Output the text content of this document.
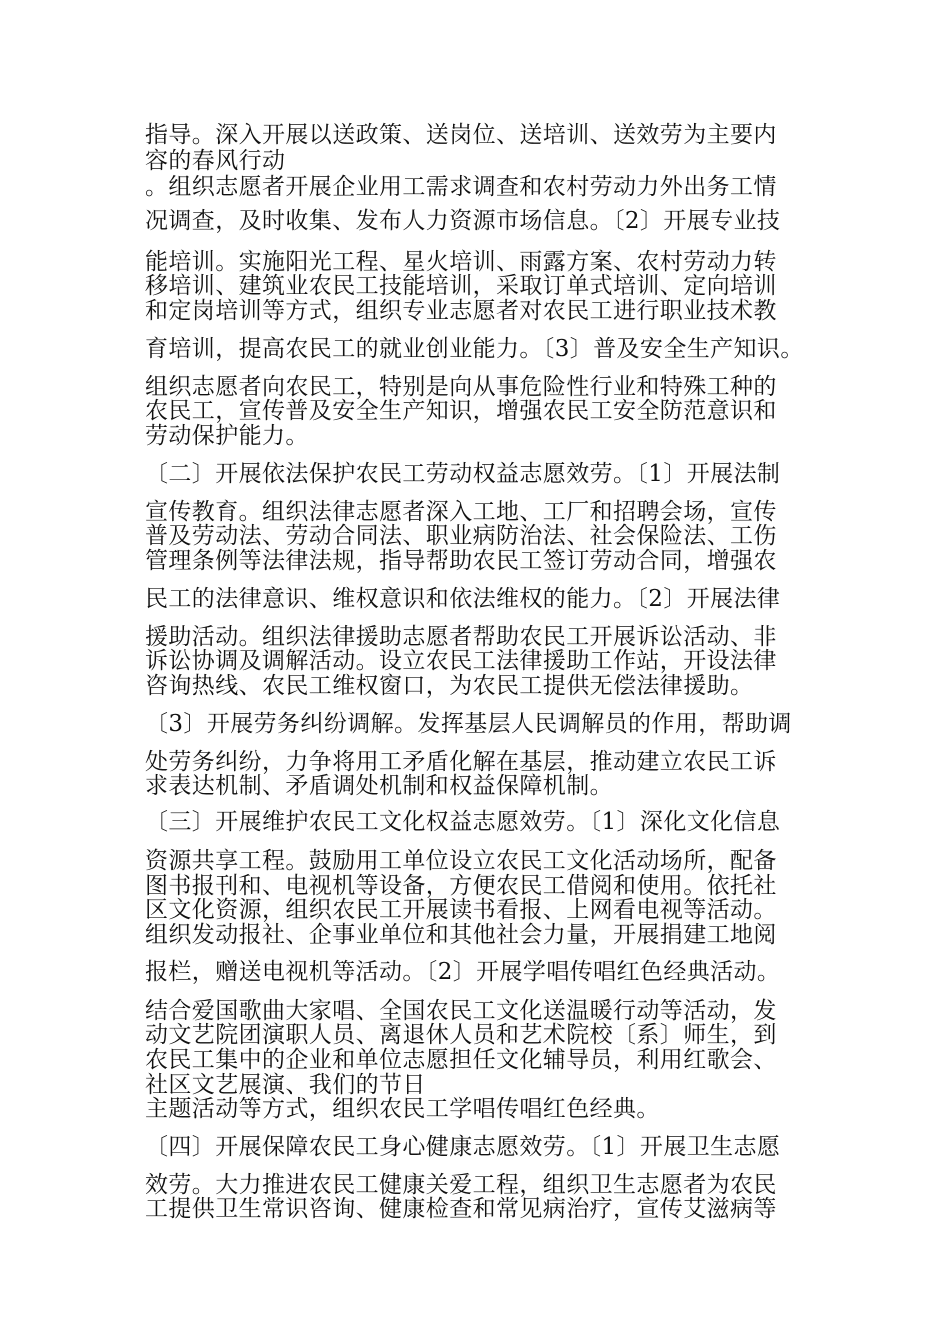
指导。深入开展以送政策、送岗位、送培训、送效劳为主要内

容的春风行动

。组织志愿者开展企业用工需求调查和农村劳动力外出务工情

况调查，及时收集、发布人力资源市场信息。〔2〕开展专业技

能培训。实施阳光工程、星火培训、雨露方案、农村劳动力转

移培训、建筑业农民工技能培训，采取订单式培训、定向培训

和定岗培训等方式，组织专业志愿者对农民工进行职业技术教

育培训，提高农民工的就业创业能力。〔3〕普及安全生产知识。

组织志愿者向农民工，特别是向从事危险性行业和特殊工种的

农民工，宣传普及安全生产知识，增强农民工安全防范意识和

劳动保护能力。

〔二〕开展依法保护农民工劳动权益志愿效劳。〔1〕开展法制

宣传教育。组织法律志愿者深入工地、工厂和招聘会场，宣传

普及劳动法、劳动合同法、职业病防治法、社会保险法、工伤

管理条例等法律法规，指导帮助农民工签订劳动合同，增强农

民工的法律意识、维权意识和依法维权的能力。〔2〕开展法律

援助活动。组织法律援助志愿者帮助农民工开展诉讼活动、非

诉讼协调及调解活动。设立农民工法律援助工作站，开设法律

咨询热线、农民工维权窗口，为农民工提供无偿法律援助。

〔3〕开展劳务纠纷调解。发挥基层人民调解员的作用，帮助调

处劳务纠纷，力争将用工矛盾化解在基层，推动建立农民工诉

求表达机制、矛盾调处机制和权益保障机制。

〔三〕开展维护农民工文化权益志愿效劳。〔1〕深化文化信息

资源共享工程。鼓励用工单位设立农民工文化活动场所，配备

图书报刊和、电视机等设备，方便农民工借阅和使用。依托社

区文化资源，组织农民工开展读书看报、上网看电视等活动。

组织发动报社、企事业单位和其他社会力量，开展捐建工地阅

报栏，赠送电视机等活动。〔2〕开展学唱传唱红色经典活动。

结合爱国歌曲大家唱、全国农民工文化送温暖行动等活动，发

动文艺院团演职人员、离退休人员和艺术院校〔系〕师生，到

农民工集中的企业和单位志愿担任文化辅导员，利用红歌会、

社区文艺展演、我们的节日

主题活动等方式，组织农民工学唱传唱红色经典。

〔四〕开展保障农民工身心健康志愿效劳。〔1〕开展卫生志愿

效劳。大力推进农民工健康关爱工程，组织卫生志愿者为农民

工提供卫生常识咨询、健康检查和常见病治疗，宣传艾滋病等
